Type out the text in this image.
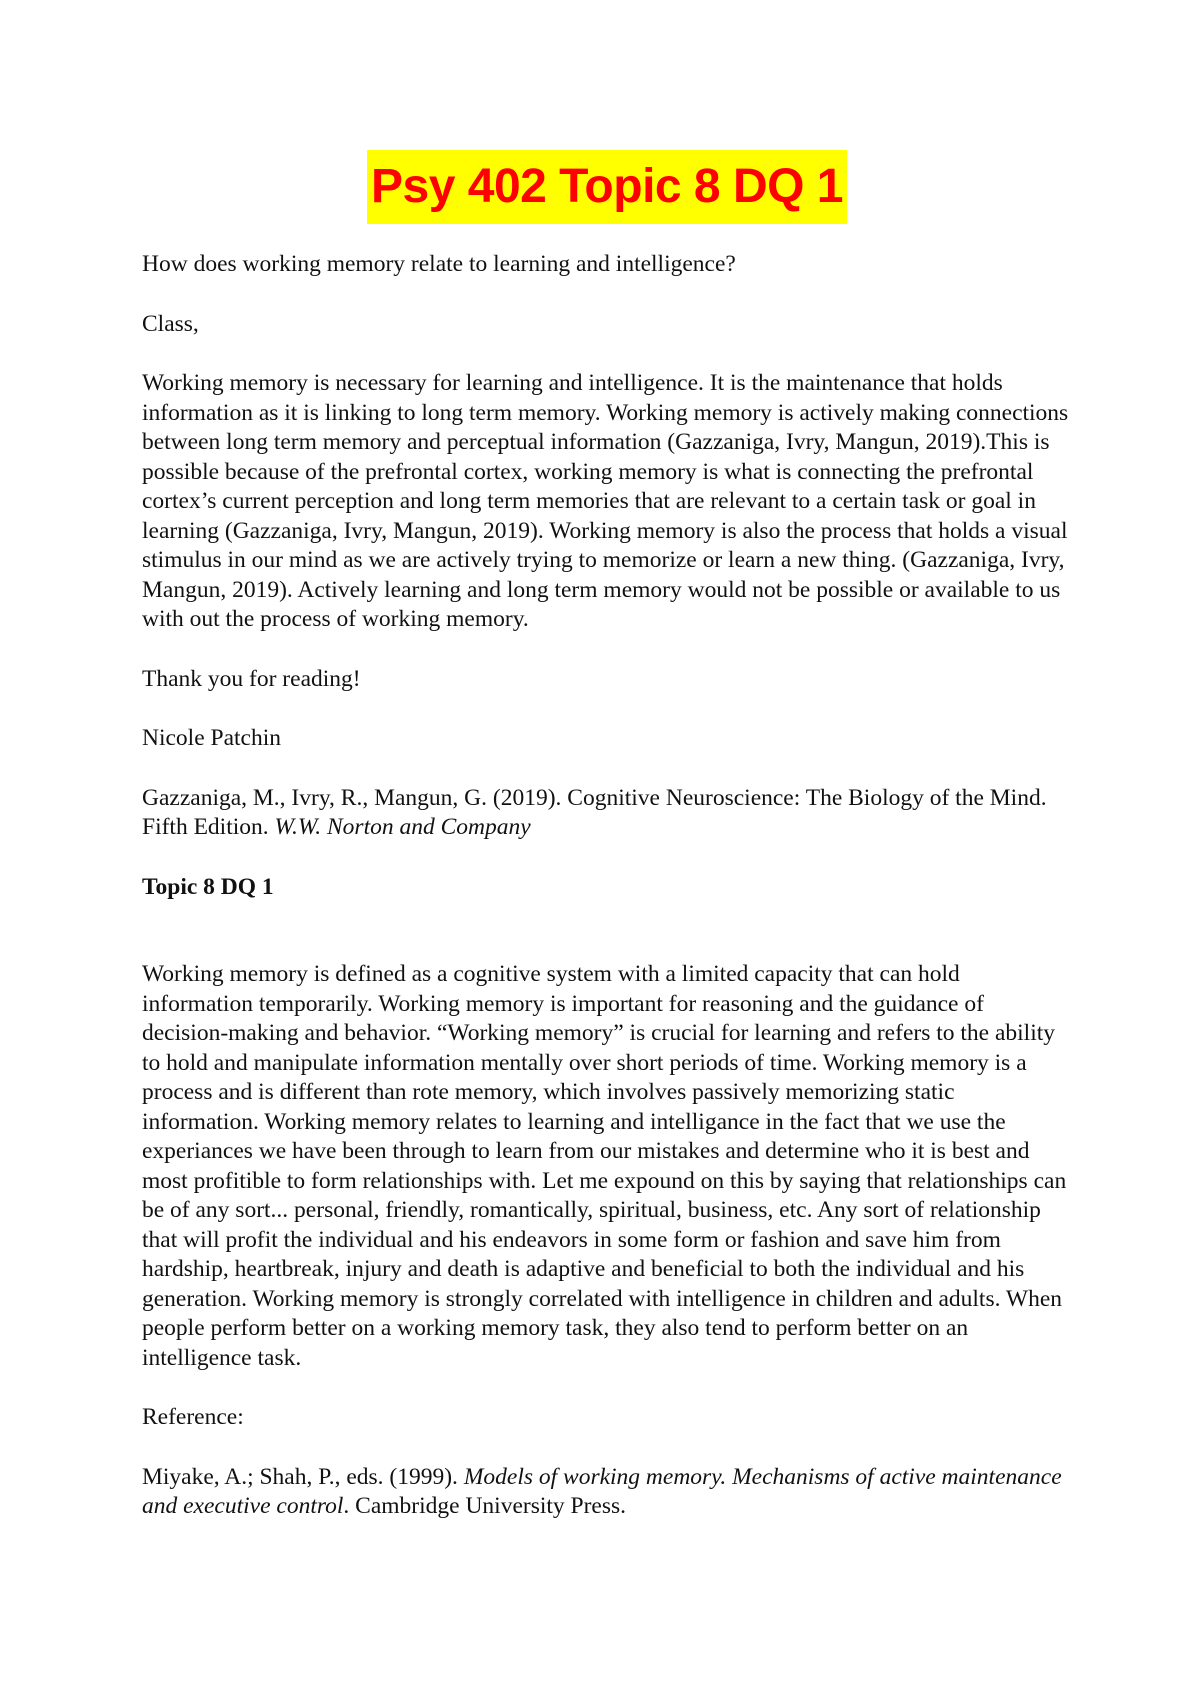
Psy 402 Topic 8 DQ 1

How does working memory relate to learning and intelligence?

Class,

Working memory is necessary for learning and intelligence. It is the maintenance that holds information as it is linking to long term memory. Working memory is actively making connections between long term memory and perceptual information (Gazzaniga, Ivry, Mangun, 2019).This is possible because of the prefrontal cortex, working memory is what is connecting the prefrontal cortex’s current perception and long term memories that are relevant to a certain task or goal in learning (Gazzaniga, Ivry, Mangun, 2019). Working memory is also the process that holds a visual stimulus in our mind as we are actively trying to memorize or learn a new thing. (Gazzaniga, Ivry, Mangun, 2019). Actively learning and long term memory would not be possible or available to us with out the process of working memory.

Thank you for reading!

Nicole Patchin

Gazzaniga, M., Ivry, R., Mangun, G. (2019). Cognitive Neuroscience: The Biology of the Mind. Fifth Edition. W.W. Norton and Company

Topic 8 DQ 1

Working memory is defined as a cognitive system with a limited capacity that can hold information temporarily. Working memory is important for reasoning and the guidance of decision-making and behavior. “Working memory” is crucial for learning and refers to the ability to hold and manipulate information mentally over short periods of time. Working memory is a process and is different than rote memory, which involves passively memorizing static information. Working memory relates to learning and intelligance in the fact that we use the experiances we have been through to learn from our mistakes and determine who it is best and most profitible to form relationships with. Let me expound on this by saying that relationships can be of any sort... personal, friendly, romantically, spiritual, business, etc. Any sort of relationship that will profit the individual and his endeavors in some form or fashion and save him from hardship, heartbreak, injury and death is adaptive and beneficial to both the individual and his generation. Working memory is strongly correlated with intelligence in children and adults. When people perform better on a working memory task, they also tend to perform better on an intelligence task.

Reference:

Miyake, A.; Shah, P., eds. (1999). Models of working memory. Mechanisms of active maintenance and executive control. Cambridge University Press.
